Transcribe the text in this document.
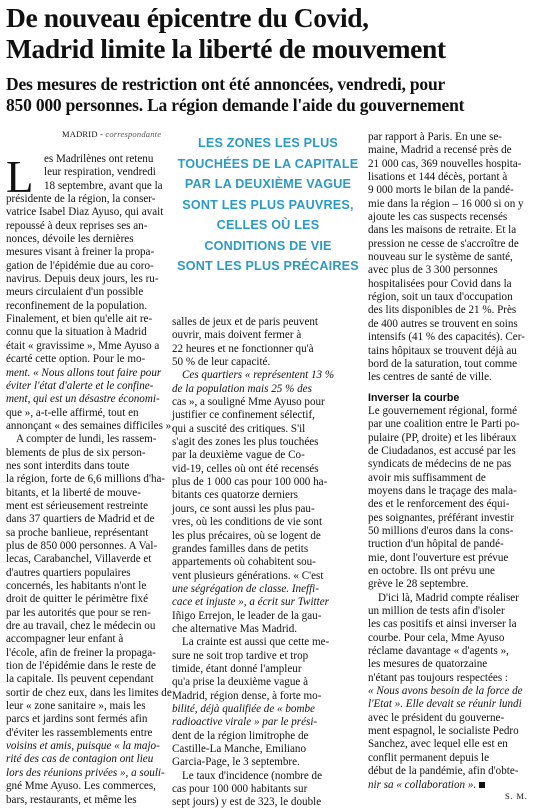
De nouveau épicentre du Covid,
Madrid limite la liberté de mouvement
Des mesures de restriction ont été annoncées, vendredi, pour
850 000 personnes. La région demande l'aide du gouvernement
MADRID - correspondante
LES ZONES LES PLUS
TOUCHÉES DE LA CAPITALE
PAR LA DEUXIÈME VAGUE
SONT LES PLUS PAUVRES,
CELLES OÙ LES
CONDITIONS DE VIE
SONT LES PLUS PRÉCAIRES
L es Madrilènes ont retenu
leur respiration, vendredi
18 septembre, avant que la
présidente de la région, la conser-
vatrice Isabel Diaz Ayuso, qui avait
repoussé à deux reprises ses an-
nonces, dévoile les dernières
mesures visant à freiner la propa-
gation de l'épidémie due au coro-
navirus. Depuis deux jours, les ru-
meurs circulaient d'un possible
reconfinement de la population.
Finalement, et bien qu'elle ait re-
connu que la situation à Madrid
était « gravissime », Mme Ayuso a
écarté cette option. Pour le mo-
ment. « Nous allons tout faire pour
éviter l'état d'alerte et le confine-
ment, qui est un désastre économi-
que », a-t-elle affirmé, tout en
annonçant « des semaines difficiles ».
A compter de lundi, les rassem-
blements de plus de six person-
nes sont interdits dans toute
la région, forte de 6,6 millions d'ha-
bitants, et la liberté de mouve-
ment est sérieusement restreinte
dans 37 quartiers de Madrid et de
sa proche banlieue, représentant
plus de 850 000 personnes. A Val-
lecas, Carabanchel, Villaverde et
d'autres quartiers populaires
concernés, les habitants n'ont le
droit de quitter le périmètre fixé
par les autorités que pour se ren-
dre au travail, chez le médecin ou
accompagner leur enfant à
l'école, afin de freiner la propaga-
tion de l'épidémie dans le reste de
la capitale. Ils peuvent cependant
sortir de chez eux, dans les limites de
leur « zone sanitaire », mais les
parcs et jardins sont fermés afin
d'éviter les rassemblements entre
voisins et amis, puisque « la majo-
rité des cas de contagion ont lieu
lors des réunions privées », a souli-
gné Mme Ayuso. Les commerces,
bars, restaurants, et même les
salles de jeux et de paris peuvent
ouvrir, mais doivent fermer à
22 heures et ne fonctionner qu'à
50 % de leur capacité.
Ces quartiers « représentent 13 %
de la population mais 25 % des
cas », a souligné Mme Ayuso pour
justifier ce confinement sélectif,
qui a suscité des critiques. S'il
s'agit des zones les plus touchées
par la deuxième vague de Co-
vid-19, celles où ont été recensés
plus de 1 000 cas pour 100 000 ha-
bitants ces quatorze derniers
jours, ce sont aussi les plus pau-
vres, où les conditions de vie sont
les plus précaires, où se logent de
grandes familles dans de petits
appartements où cohabitent sou-
vent plusieurs générations. « C'est
une ségrégation de classe. Ineffi-
cace et injuste », a écrit sur Twitter
Iñigo Errejon, le leader de la gau-
che alternative Mas Madrid.
La crainte est aussi que cette me-
sure ne soit trop tardive et trop
timide, étant donné l'ampleur
qu'a prise la deuxième vague à
Madrid, région dense, à forte mo-
bilité, déjà qualifiée de « bombe
radioactive virale » par le prési-
dent de la région limitrophe de
Castille-La Manche, Emiliano
Garcia-Page, le 3 septembre.
Le taux d'incidence (nombre de
cas pour 100 000 habitants sur
sept jours) y est de 323, le double
par rapport à Paris. En une se-
maine, Madrid a recensé près de
21 000 cas, 369 nouvelles hospita-
lisations et 144 décès, portant à
9 000 morts le bilan de la pandé-
mie dans la région – 16 000 si on y
ajoute les cas suspects recensés
dans les maisons de retraite. Et la
pression ne cesse de s'accroître de
nouveau sur le système de santé,
avec plus de 3 300 personnes
hospitalisées pour Covid dans la
région, soit un taux d'occupation
des lits disponibles de 21 %. Près
de 400 autres se trouvent en soins
intensifs (41 % des capacités). Cer-
tains hôpitaux se trouvent déjà au
bord de la saturation, tout comme
les centres de santé de ville.
Inverser la courbe
Le gouvernement régional, formé
par une coalition entre le Parti po-
pulaire (PP, droite) et les libéraux
de Ciudadanos, est accusé par les
syndicats de médecins de ne pas
avoir mis suffisamment de
moyens dans le traçage des mala-
des et le renforcement des équi-
pes soignantes, préférant investir
50 millions d'euros dans la cons-
truction d'un hôpital de pandé-
mie, dont l'ouverture est prévue
en octobre. Ils ont prévu une
grève le 28 septembre.
D'ici là, Madrid compte réaliser
un million de tests afin d'isoler
les cas positifs et ainsi inverser la
courbe. Pour cela, Mme Ayuso
réclame davantage « d'agents »,
les mesures de quatorzaine
n'étant pas toujours respectées :
« Nous avons besoin de la force de
l'Etat ». Elle devait se réunir lundi
avec le président du gouverne-
ment espagnol, le socialiste Pedro
Sanchez, avec lequel elle est en
conflit permanent depuis le
début de la pandémie, afin d'obte-
nir sa « collaboration ».
S. M.
